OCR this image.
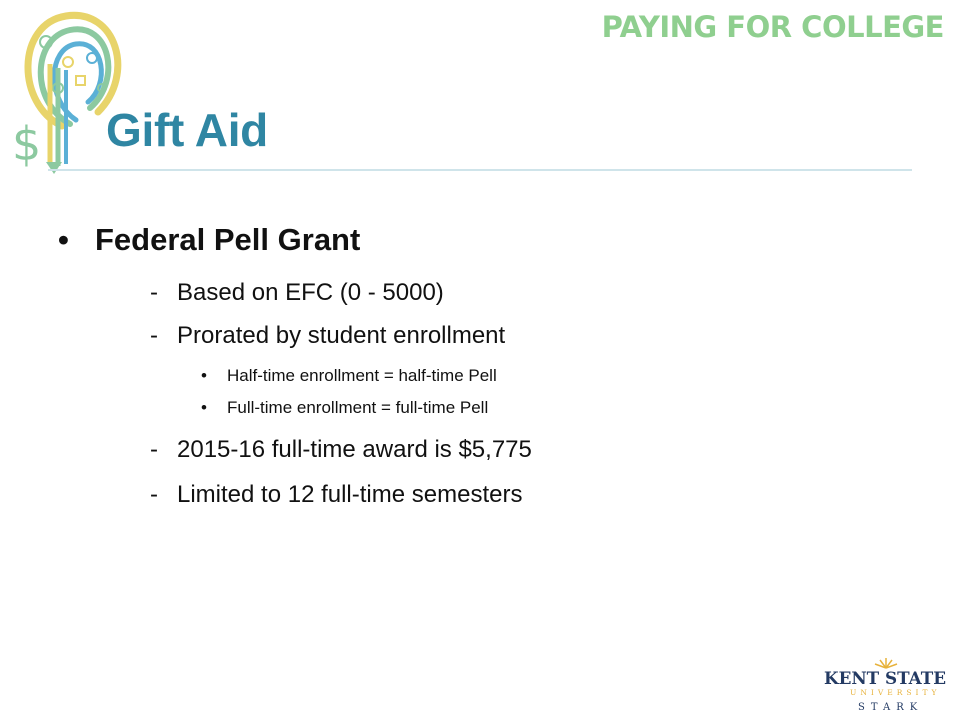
$
PAYING FOR COLLEGE
Gift Aid
• Federal Pell Grant
- Based on EFC (0 - 5000)
- Prorated by student enrollment
• Half-time enrollment = half-time Pell
• Full-time enrollment = full-time Pell
- 2015-16 full-time award is $5,775
- Limited to 12 full-time semesters
KENT STATE
UNIVERSITY
STARK
